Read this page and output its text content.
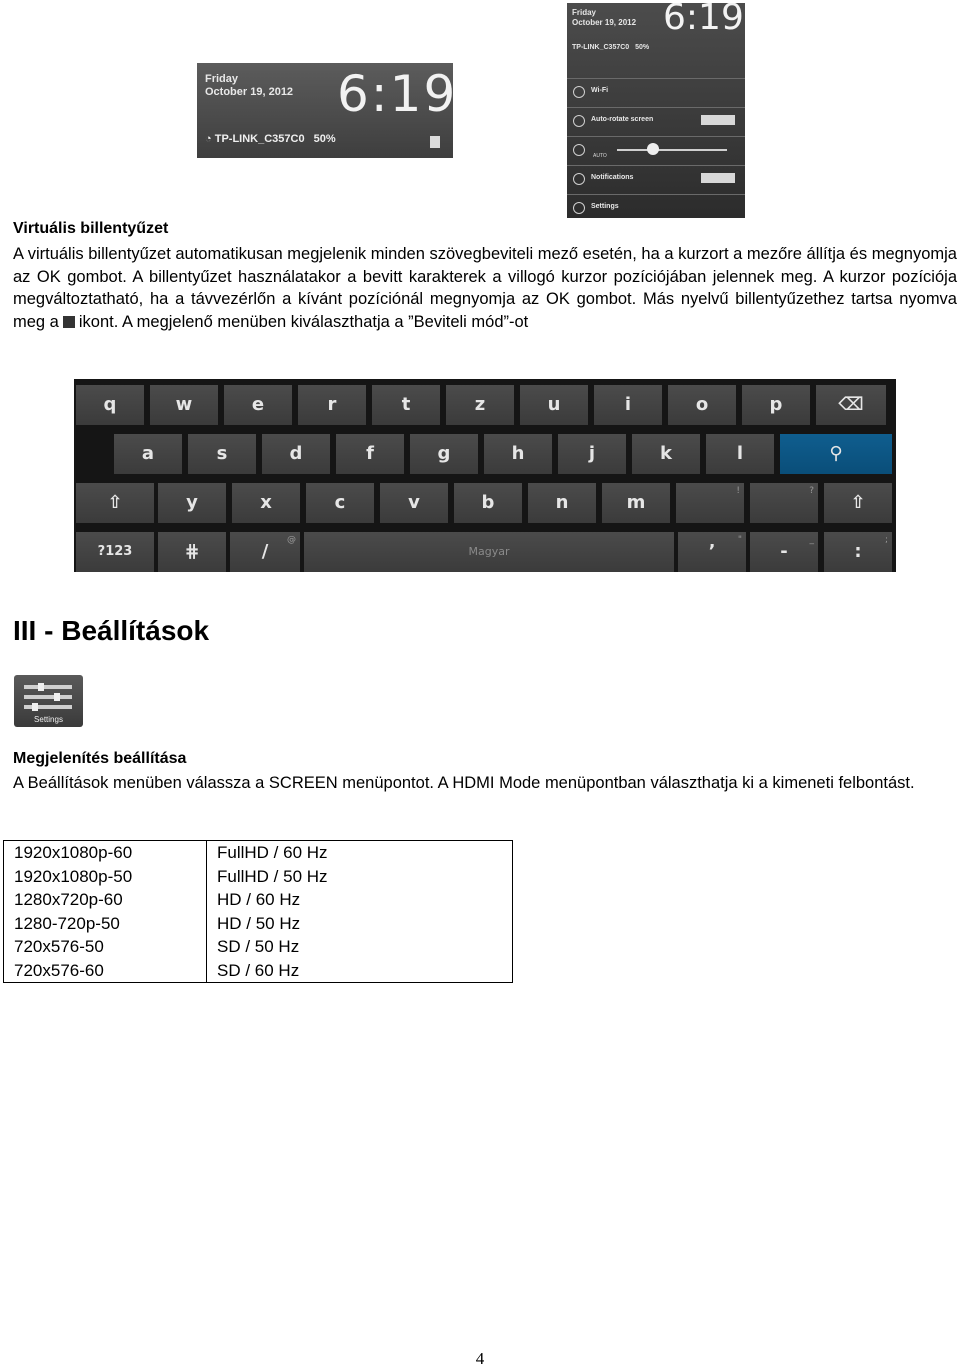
Friday
October 19, 2012 6:19
◔ TP-LINK_C357C0 50%
Friday
October 19, 2012 6:19
TP-LINK_C357C0 50%
Wi-Fi
Auto-rotate screen
AUTO
Notifications
Settings
Virtuális billentyűzet
A virtuális billentyűzet automatikusan megjelenik minden szövegbeviteli mező esetén, ha a kurzort a mezőre állítja és megnyomja az OK gombot. A billentyűzet használatakor a bevitt karakterek a villogó kurzor pozíciójában jelennek meg. A kurzor pozíciója megváltoztatható, ha a távvezérlőn a kívánt pozíciónál megnyomja az OK gombot. Más nyelvű billentyűzethez tartsa nyomva meg a ikont. A megjelenő menüben kiválaszthatja a ”Beviteli mód”-ot
q	w	e	r	t	z	u	i	o	p	⌫
a	s	d	f	g	h	j	k	l	⚲
⇧	y	x	c	v	b	n	m
!	?
⇧
?123	⋕	/
@
Magyar	’
"
-
_
:
;
III - Beállítások
Settings
Megjelenítés beállítása
A Beállítások menüben válassza a SCREEN menüpontot. A HDMI Mode menüpontban választhatja ki a kimeneti felbontást.
1920x1080p-60	FullHD / 60 Hz
1920x1080p-50	FullHD / 50 Hz
1280x720p-60	HD / 60 Hz
1280-720p-50	HD / 50 Hz
720x576-50	SD / 50 Hz
720x576-60	SD / 60 Hz
4
